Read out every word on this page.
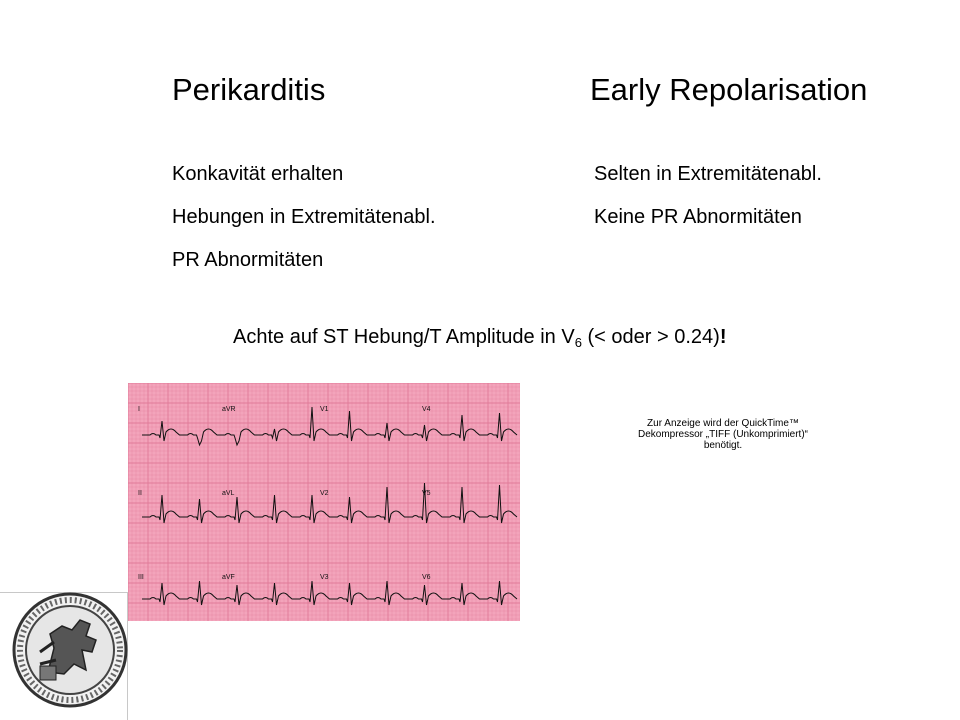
Perikarditis	Early Repolarisation
Konkavität erhalten
Hebungen in Extremitätenabl.
PR Abnormitäten
Selten in Extremitätenabl.
Keine PR Abnormitäten
Achte auf ST Hebung/T Amplitude in $V_6$ (< oder > 0.24)!
I	aVR	V1	V4
II	aVL	V2	V5
III	aVF	V3	V6
Zur Anzeige wird der QuickTime™
Dekompressor „TIFF (Unkomprimiert)“
benötigt.
